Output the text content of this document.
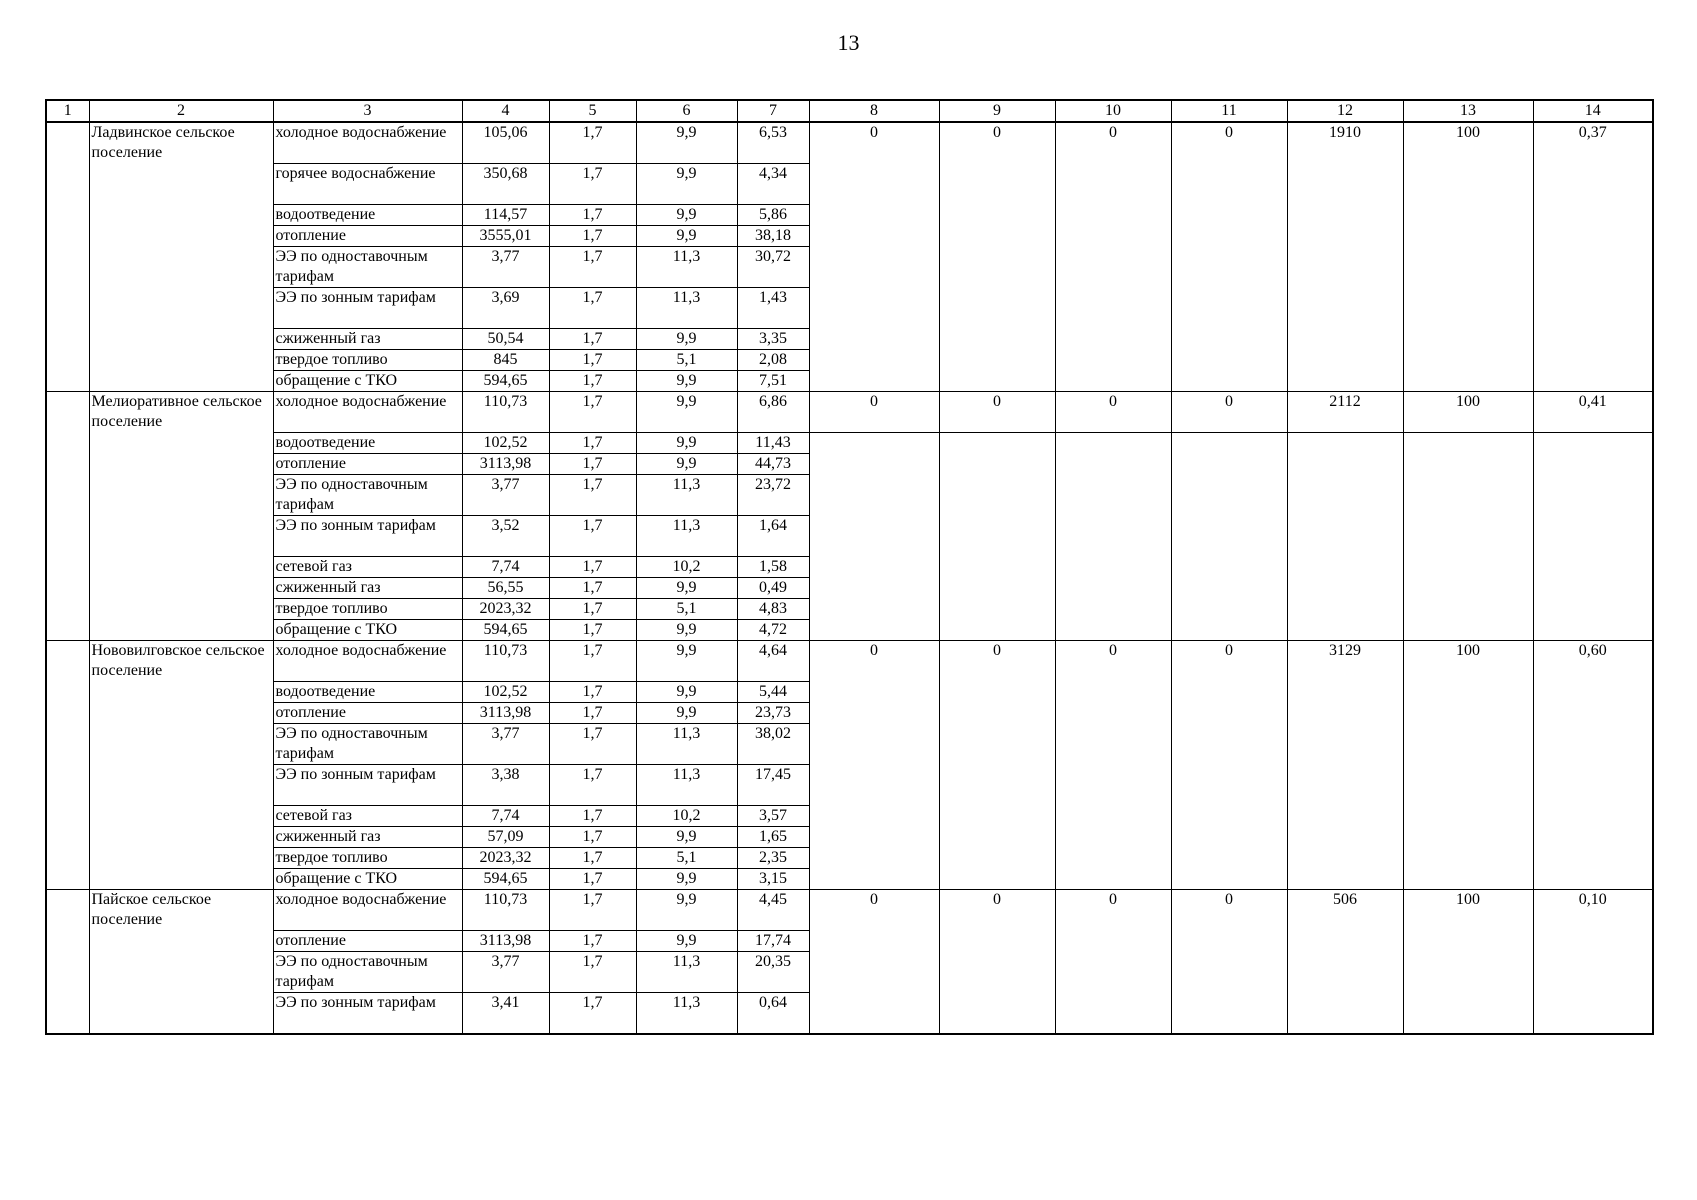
13
1	2	3	4	5	6	7	8	9	10	11	12	13	14
	Ладвинское сельское поселение	холодное водоснабжение	105,06	1,7	9,9	6,53	0	0	0	0	1910	100	0,37
		горячее водоснабжение	350,68	1,7	9,9	4,34							
		водоотведение	114,57	1,7	9,9	5,86							
		отопление	3555,01	1,7	9,9	38,18							
		ЭЭ по одноставочным тарифам	3,77	1,7	11,3	30,72							
		ЭЭ по зонным тарифам	3,69	1,7	11,3	1,43							
		сжиженный газ	50,54	1,7	9,9	3,35							
		твердое топливо	845	1,7	5,1	2,08							
		обращение с ТКО	594,65	1,7	9,9	7,51							
	Мелиоративное сельское поселение	холодное водоснабжение	110,73	1,7	9,9	6,86	0	0	0	0	2112	100	0,41
		водоотведение	102,52	1,7	9,9	11,43							
		отопление	3113,98	1,7	9,9	44,73							
		ЭЭ по одноставочным тарифам	3,77	1,7	11,3	23,72							
		ЭЭ по зонным тарифам	3,52	1,7	11,3	1,64							
		сетевой газ	7,74	1,7	10,2	1,58							
		сжиженный газ	56,55	1,7	9,9	0,49							
		твердое топливо	2023,32	1,7	5,1	4,83							
		обращение с ТКО	594,65	1,7	9,9	4,72							
	Нововилговское сельское поселение	холодное водоснабжение	110,73	1,7	9,9	4,64	0	0	0	0	3129	100	0,60
		водоотведение	102,52	1,7	9,9	5,44							
		отопление	3113,98	1,7	9,9	23,73							
		ЭЭ по одноставочным тарифам	3,77	1,7	11,3	38,02							
		ЭЭ по зонным тарифам	3,38	1,7	11,3	17,45							
		сетевой газ	7,74	1,7	10,2	3,57							
		сжиженный газ	57,09	1,7	9,9	1,65							
		твердое топливо	2023,32	1,7	5,1	2,35							
		обращение с ТКО	594,65	1,7	9,9	3,15							
	Пайское сельское поселение	холодное водоснабжение	110,73	1,7	9,9	4,45	0	0	0	0	506	100	0,10
		отопление	3113,98	1,7	9,9	17,74							
		ЭЭ по одноставочным тарифам	3,77	1,7	11,3	20,35							
		ЭЭ по зонным тарифам	3,41	1,7	11,3	0,64							
